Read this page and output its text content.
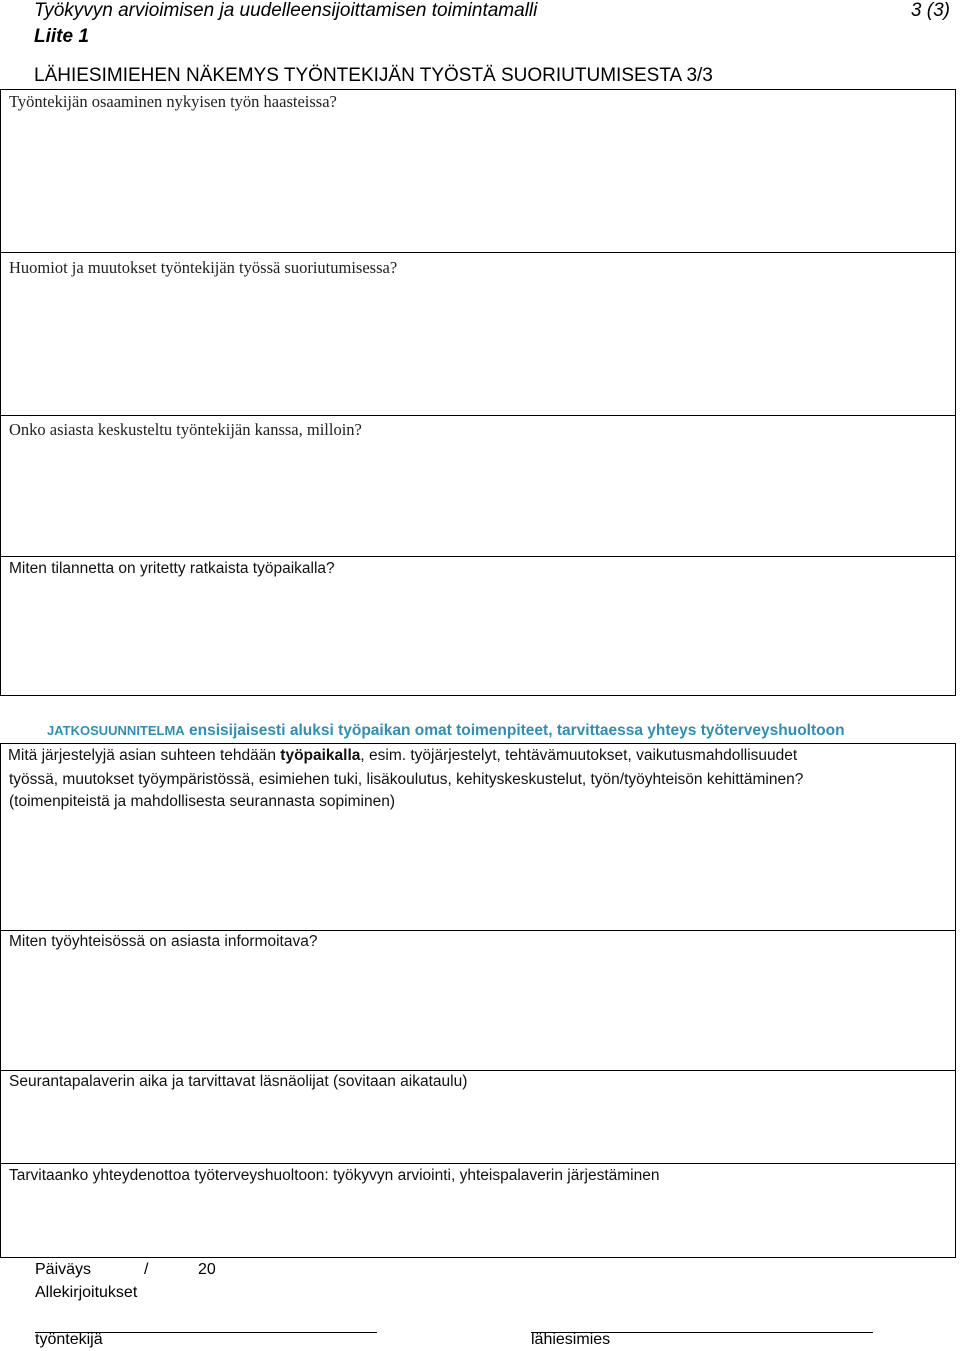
Työkyvyn arvioimisen ja uudelleensijoittamisen toimintamalli	3 (3)
Liite 1
LÄHIESIMIEHEN NÄKEMYS TYÖNTEKIJÄN TYÖSTÄ SUORIUTUMISESTA 3/3
Työntekijän osaaminen nykyisen työn haasteissa?
Huomiot ja muutokset työntekijän työssä suoriutumisessa?
Onko asiasta keskusteltu työntekijän kanssa, milloin?
Miten tilannetta on yritetty ratkaista työpaikalla?
JATKOSUUNNITELMA ensisijaisesti aluksi työpaikan omat toimenpiteet, tarvittaessa yhteys työterveyshuoltoon
Mitä järjestelyjä asian suhteen tehdään työpaikalla, esim. työjärjestelyt, tehtävämuutokset, vaikutusmahdollisuudet
työssä, muutokset työympäristössä, esimiehen tuki, lisäkoulutus, kehityskeskustelut, työn/työyhteisön kehittäminen?
(toimenpiteistä ja mahdollisesta seurannasta sopiminen)
Miten työyhteisössä on asiasta informoitava?
Seurantapalaverin aika ja tarvittavat läsnäolijat (sovitaan aikataulu)
Tarvitaanko yhteydenottoa työterveyshuoltoon: työkyvyn arviointi, yhteispalaverin järjestäminen
Päiväys	/	20
Allekirjoitukset
työntekijä	lähiesimies
